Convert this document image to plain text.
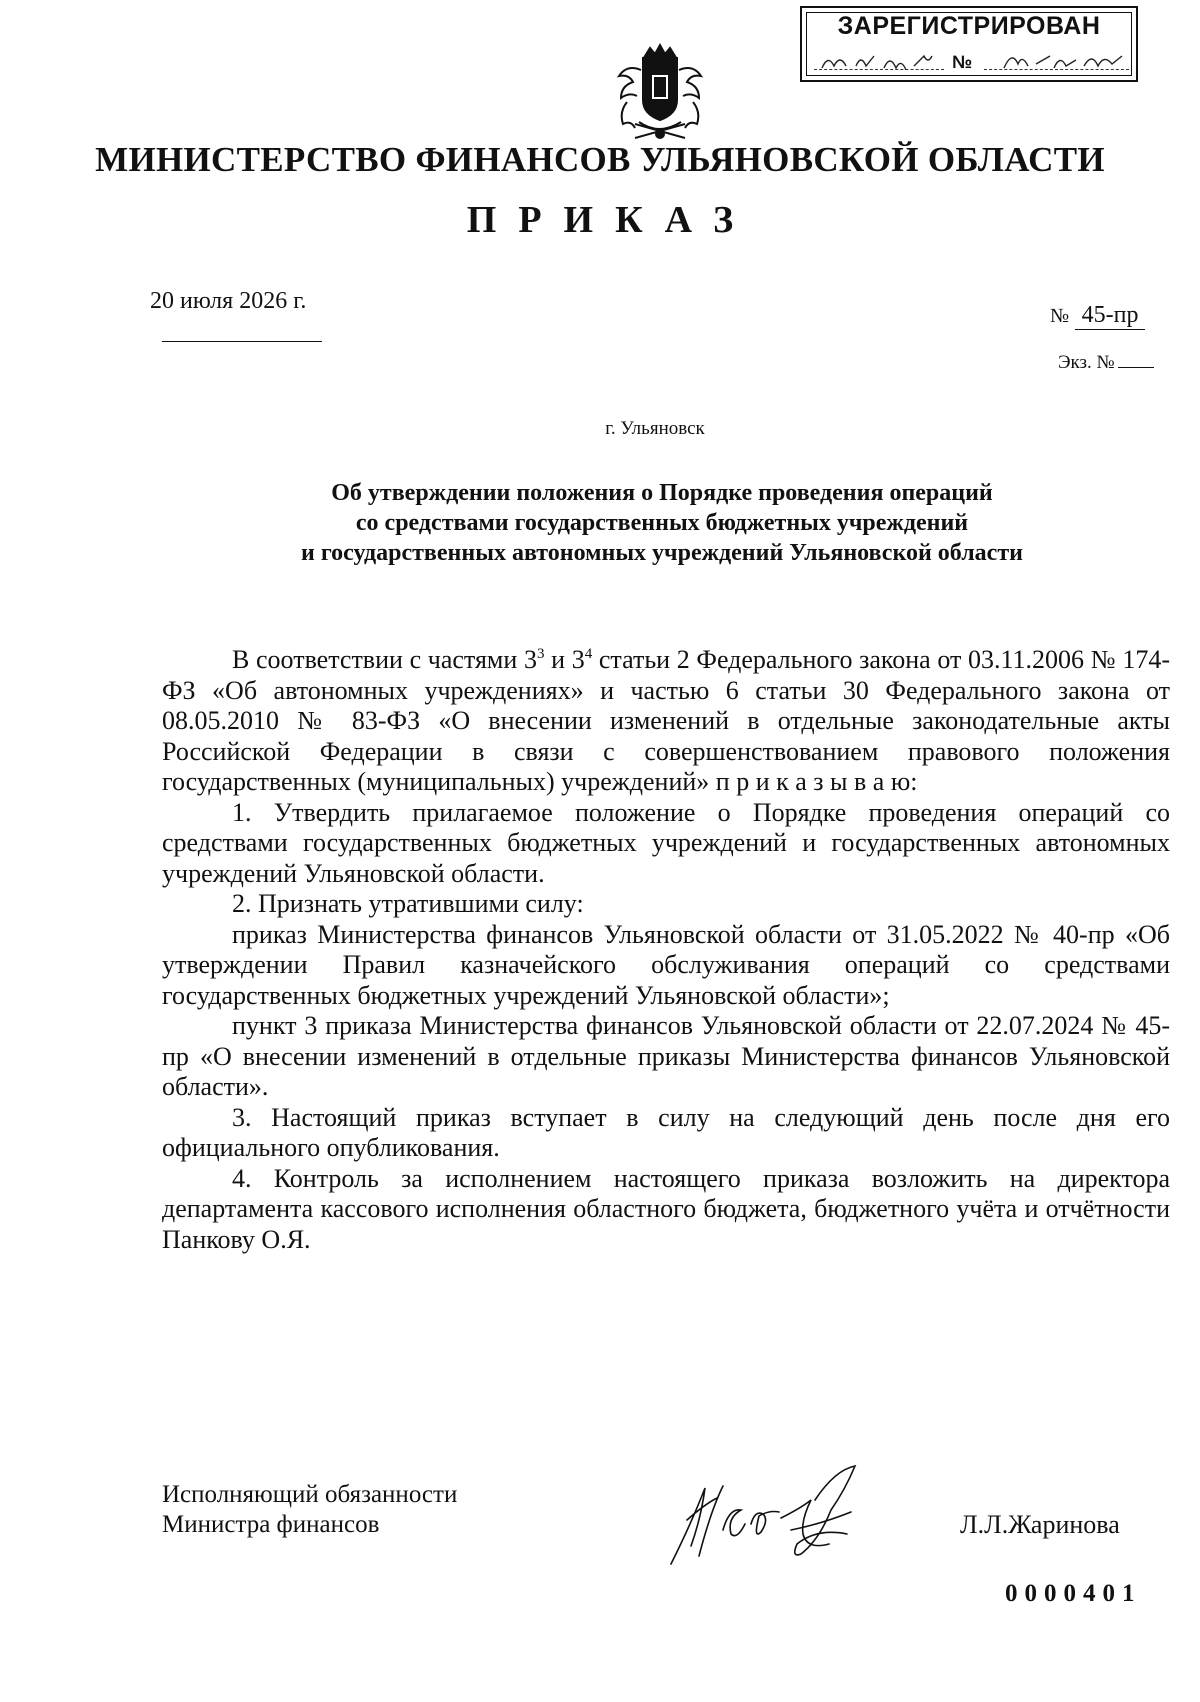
ЗАРЕГИСТРИРОВАН
№
МИНИСТЕРСТВО ФИНАНСОВ УЛЬЯНОВСКОЙ ОБЛАСТИ
ПРИКАЗ
20 июля 2026 г.
№ 45-пр
Экз. №
г. Ульяновск
Об утверждении положения о Порядке проведения операций
со средствами государственных бюджетных учреждений
и государственных автономных учреждений Ульяновской области

В соответствии с частями $3^3$ и $3^4$ статьи 2 Федерального закона от 03.11.2006 № 174-ФЗ «Об автономных учреждениях» и частью 6 статьи 30 Федерального закона от 08.05.2010 № 83-ФЗ «О внесении изменений в отдельные законодательные акты Российской Федерации в связи с совершенствованием правового положения государственных (муниципальных) учреждений» п р и к а з ы в а ю:

1. Утвердить прилагаемое положение о Порядке проведения операций со средствами государственных бюджетных учреждений и государственных автономных учреждений Ульяновской области.

2. Признать утратившими силу:

приказ Министерства финансов Ульяновской области от 31.05.2022 № 40-пр «Об утверждении Правил казначейского обслуживания операций со средствами государственных бюджетных учреждений Ульяновской области»;

пункт 3 приказа Министерства финансов Ульяновской области от 22.07.2024 № 45-пр «О внесении изменений в отдельные приказы Министерства финансов Ульяновской области».

3. Настоящий приказ вступает в силу на следующий день после дня его официального опубликования.

4. Контроль за исполнением настоящего приказа возложить на директора департамента кассового исполнения областного бюджета, бюджетного учёта и отчётности Панкову О.Я.

Исполняющий обязанности
Министра финансов	Л.Л.Жаринова
0000401
